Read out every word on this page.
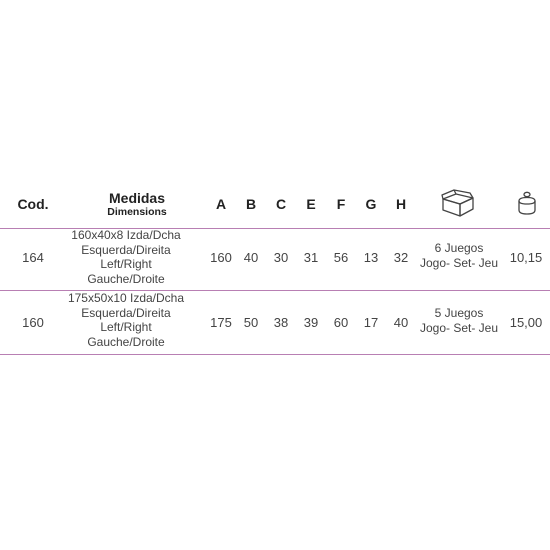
Cod.	Medidas
Dimensions	A B C E F G H
164
160x40x8 Izda/Dcha
Esquerda/Direita
Left/Right
Gauche/Droite
160 40 30 31 56 13 32
6 Juegos
Jogo- Set- Jeu 10,15
160
175x50x10 Izda/Dcha
Esquerda/Direita
Left/Right
Gauche/Droite
175 50 38 39 60 17 40
5 Juegos
Jogo- Set- Jeu 15,00
